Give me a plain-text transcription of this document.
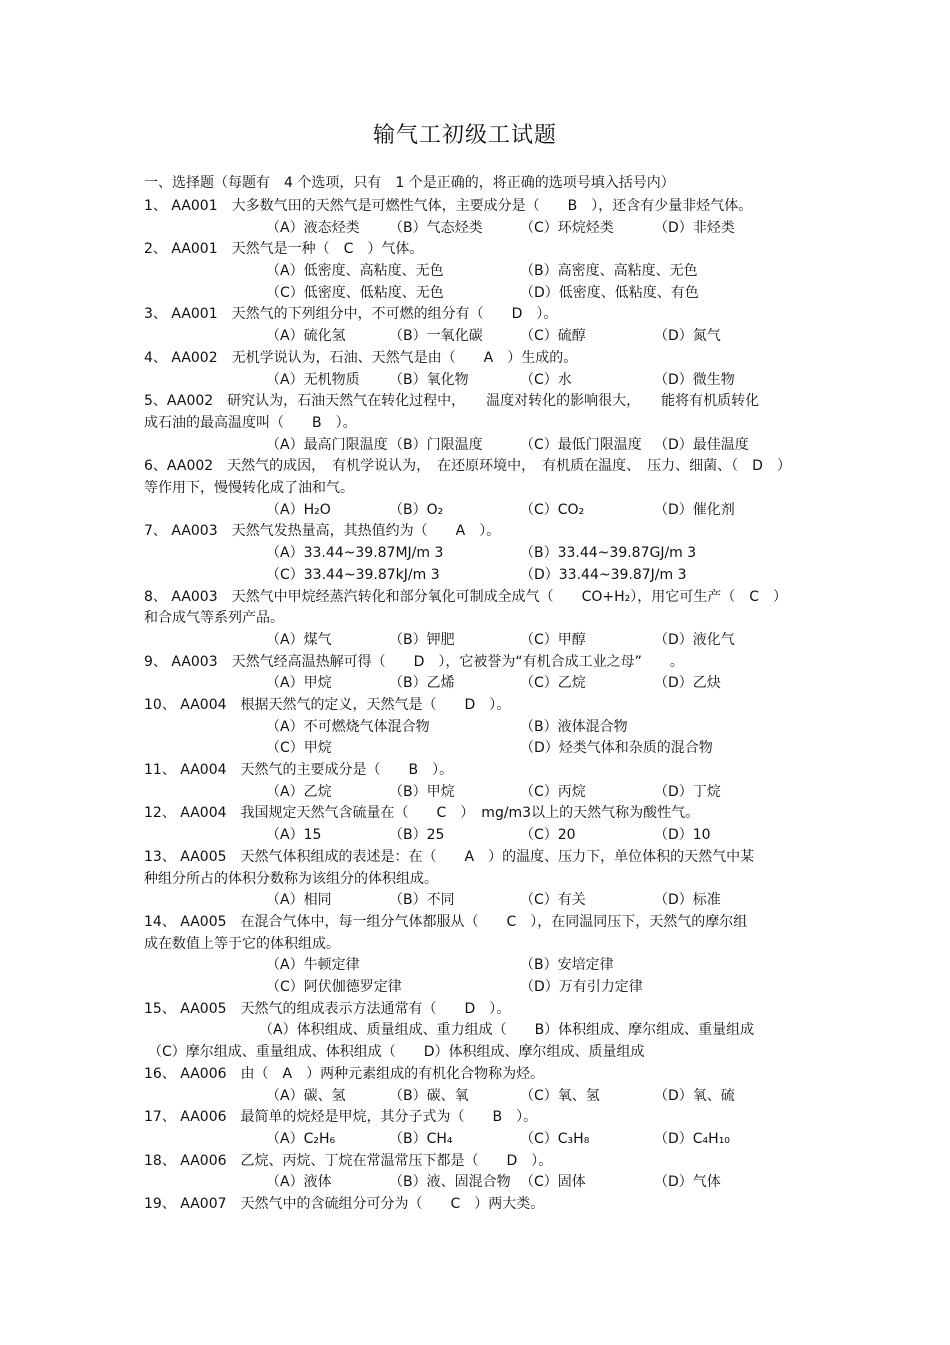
输气工初级工试题
一、选择题（每题有　4 个选项，只有　1 个是正确的，将正确的选项号填入括号内）
1、 AA001　大多数气田的天然气是可燃性气体，主要成分是（　　B　），还含有少量非烃气体。
（A）液态烃类 （B）气态烃类	（C）环烷烃类	（D）非烃类
2、 AA001　天然气是一种（　C　）气体。
（A）低密度、高粘度、无色	（B）高密度、高粘度、无色
（C）低密度、低粘度、无色	（D）低密度、低粘度、有色
3、 AA001　天然气的下列组分中，不可燃的组分有（　　D　）。
（A）硫化氢	（B）一氧化碳	（C）硫醇	（D）氮气
4、 AA002　无机学说认为，石油、天然气是由（　　A　）生成的。
（A）无机物质 （B）氧化物	（C）水	（D）微生物
5、AA002　研究认为，石油天然气在转化过程中，　　温度对转化的影响很大，　　能将有机质转化
成石油的最高温度叫（　　B　）。
（A）最高门限温度 （B）门限温度	（C）最低门限温度 （D）最佳温度
6、AA002　天然气的成因，　有机学说认为，　在还原环境中，　有机质在温度、　压力、细菌、（　D　）
等作用下，慢慢转化成了油和气。
（A）H₂O	（B）O₂	（C）CO₂	（D）催化剂
7、 AA003　天然气发热量高，其热值约为（　　A　）。
（A）33.44~39.87MJ/m 3	（B）33.44~39.87GJ/m 3
（C）33.44~39.87kJ/m 3	（D）33.44~39.87J/m 3
8、 AA003　天然气中甲烷经蒸汽转化和部分氧化可制成全成气（　　CO+H₂），用它可生产（　C　）
和合成气等系列产品。
（A）煤气	（B）钾肥	（C）甲醇	（D）液化气
9、 AA003　天然气经高温热解可得（　　D　），它被誉为“有机合成工业之母”　　。
（A）甲烷	（B）乙烯	（C）乙烷	（D）乙炔
10、 AA004　根据天然气的定义，天然气是（　　D　）。
（A）不可燃烧气体混合物	（B）液体混合物
（C）甲烷	（D）烃类气体和杂质的混合物
11、 AA004　天然气的主要成分是（　　B　）。
（A）乙烷	（B）甲烷	（C）丙烷	（D）丁烷
12、 AA004　我国规定天然气含硫量在（　　C　）　mg/m3以上的天然气称为酸性气。
（A）15	（B）25	（C）20	（D）10
13、 AA005　天然气体积组成的表述是：在（　　A　）的温度、压力下，单位体积的天然气中某
种组分所占的体积分数称为该组分的体积组成。
（A）相同	（B）不同	（C）有关	（D）标准
14、 AA005　在混合气体中，每一组分气体都服从（　　C　），在同温同压下，天然气的摩尔组
成在数值上等于它的体积组成。
（A）牛顿定律	（B）安培定律
（C）阿伏伽德罗定律	（D）万有引力定律
15、 AA005　天然气的组成表示方法通常有（　　D　）。
（A）体积组成、质量组成、重力组成（　　B）体积组成、摩尔组成、重量组成
（C）摩尔组成、重量组成、体积组成（　　D）体积组成、摩尔组成、质量组成
16、 AA006　由（　A　）两种元素组成的有机化合物称为烃。
（A）碳、氢	（B）碳、氧	（C）氧、氢	（D）氧、硫
17、 AA006　最简单的烷烃是甲烷，其分子式为（　　B　）。
（A）C₂H₆	（B）CH₄	（C）C₃H₈	（D）C₄H₁₀
18、 AA006　乙烷、丙烷、丁烷在常温常压下都是（　　D　）。
（A）液体	（B）液、固混合物 （C）固体	（D）气体
19、 AA007　天然气中的含硫组分可分为（　　C　）两大类。
